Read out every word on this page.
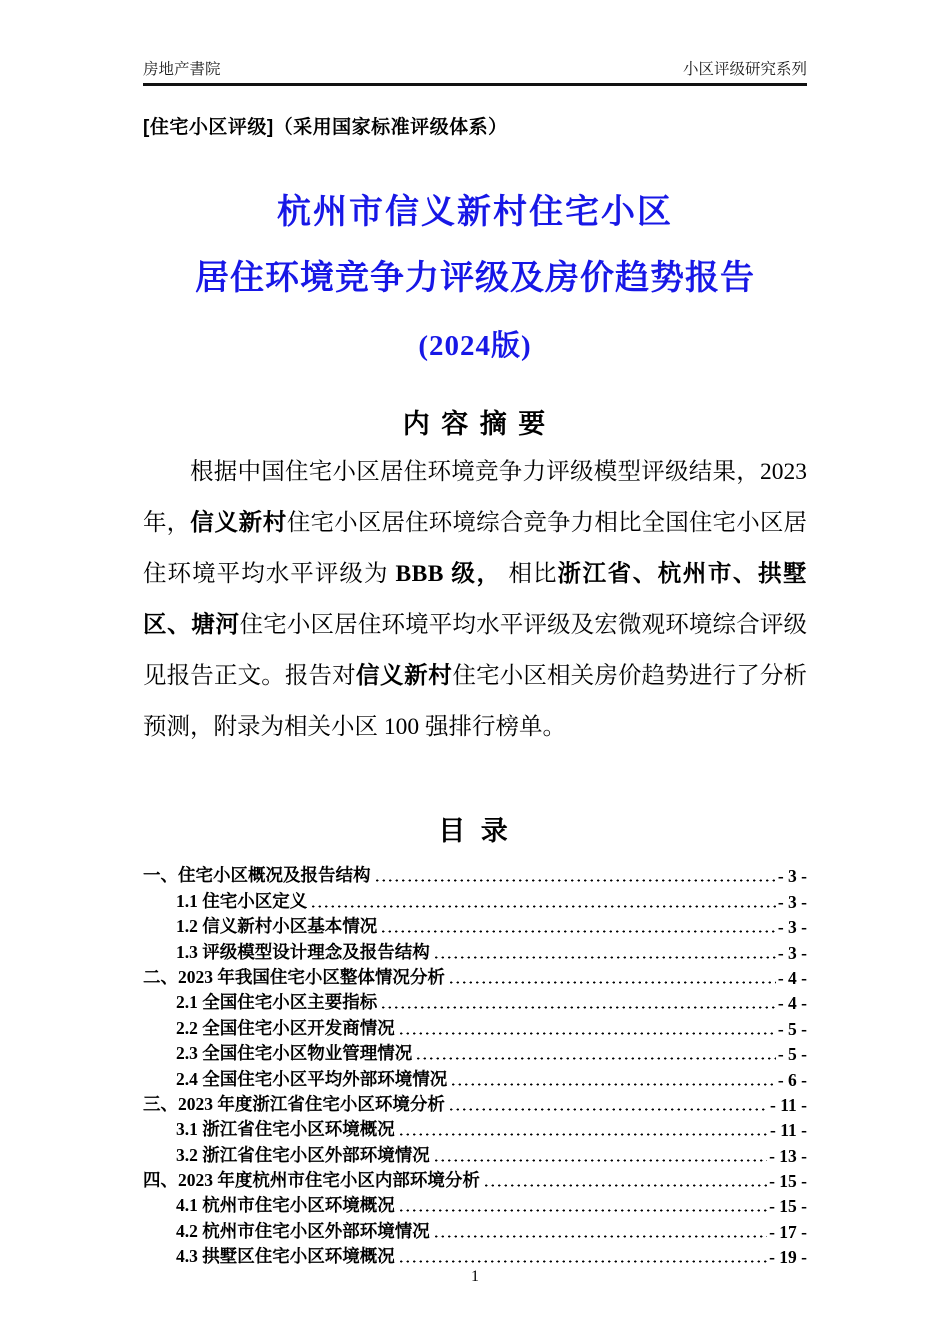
房地产書院	小区评级研究系列
[住宅小区评级]（采用国家标准评级体系）
杭州市信义新村住宅小区
居住环境竞争力评级及房价趋势报告
(2024版)
内 容 摘 要

根据中国住宅小区居住环境竞争力评级模型评级结果，2023 年，信义新村住宅小区居住环境综合竞争力相比全国住宅小区居住环境平均水平评级为 BBB 级， 相比浙江省、杭州市、拱墅区、塘河住宅小区居住环境平均水平评级及宏微观环境综合评级见报告正文。报告对信义新村住宅小区相关房价趋势进行了分析预测，附录为相关小区 100 强排行榜单。

目 录
一、住宅小区概况及报告结构	- 3 -
1.1 住宅小区定义	- 3 -
1.2 信义新村小区基本情况	- 3 -
1.3 评级模型设计理念及报告结构	- 3 -
二、2023 年我国住宅小区整体情况分析	- 4 -
2.1 全国住宅小区主要指标	- 4 -
2.2 全国住宅小区开发商情况	- 5 -
2.3 全国住宅小区物业管理情况	- 5 -
2.4 全国住宅小区平均外部环境情况	- 6 -
三、2023 年度浙江省住宅小区环境分析	- 11 -
3.1 浙江省住宅小区环境概况	- 11 -
3.2 浙江省住宅小区外部环境情况	- 13 -
四、2023 年度杭州市住宅小区内部环境分析	- 15 -
4.1 杭州市住宅小区环境概况	- 15 -
4.2 杭州市住宅小区外部环境情况	- 17 -
4.3 拱墅区住宅小区环境概况	- 19 -
1
